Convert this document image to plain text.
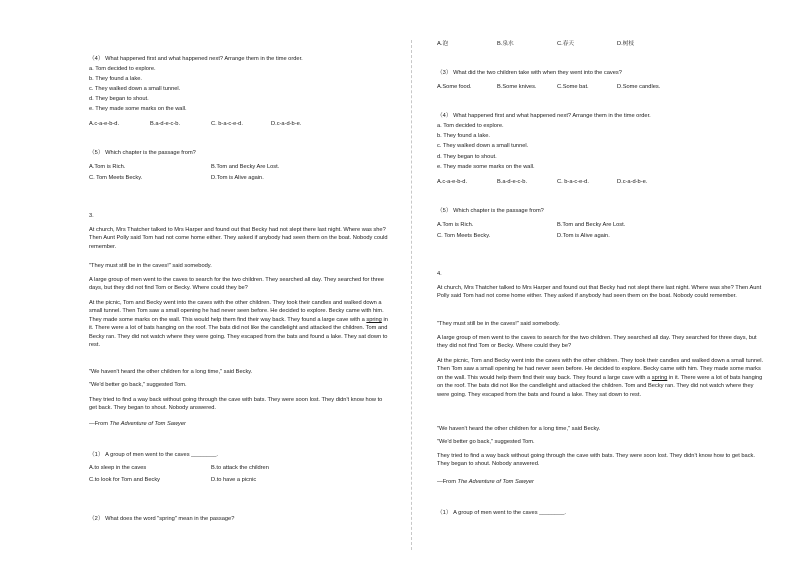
（4） What happened first and what happened next? Arrange them in the time order.
a. Tom decided to explore.
b. They found a lake.
c. They walked down a small tunnel.
d. They began to shout.
e. They made some marks on the wall.
A.c-a-e-b-d.	B.a-d-e-c-b.	C. b-a-c-e-d.	D.c-a-d-b-e.
（5） Which chapter is the passage from?
A.Tom is Rich.	B.Tom and Becky Are Lost.
C. Tom Meets Becky.	D.Tom is Alive again.
3.
At church, Mrs Thatcher talked to Mrs Harper and found out that Becky had not slept there last night. Where was she? Then Aunt Polly said Tom had not come home either. They asked if anybody had seen them on the boat. Nobody could remember.
"They must still be in the caves!" said somebody.
A large group of men went to the caves to search for the two children. They searched all day. They searched for three days, but they did not find Tom or Becky. Where could they be?
At the picnic, Tom and Becky went into the caves with the other children. They took their candles and walked down a small tunnel. Then Tom saw a small opening he had never seen before. He decided to explore. Becky came with him. They made some marks on the wall. This would help them find their way back. They found a large cave with a spring in it. There were a lot of bats hanging on the roof. The bats did not like the candlelight and attacked the children. Tom and Becky ran. They did not watch where they were going. They escaped from the bats and found a lake. They sat down to rest.
"We haven't heard the other children for a long time," said Becky.
"We'd better go back," suggested Tom.
They tried to find a way back without going through the cave with bats. They were soon lost. They didn't know how to get back. They began to shout. Nobody answered.
—From The Adventure of Tom Sawyer
（1） A group of men went to the caves ________.
A.to sleep in the caves	B.to attack the children
C.to look for Tom and Becky	D.to have a picnic
（2） What does the word "spring" mean in the passage?
A.泡	B.泉水	C.春天	D.树枝
（3） What did the two children take with when they went into the caves?
A.Some food.	B.Some knives.	C.Some bat.	D.Some candles.
（4） What happened first and what happened next? Arrange them in the time order.
a. Tom decided to explore.
b. They found a lake.
c. They walked down a small tunnel.
d. They began to shout.
e. They made some marks on the wall.
A.c-a-e-b-d.	B.a-d-e-c-b.	C. b-a-c-e-d.	D.c-a-d-b-e.
（5） Which chapter is the passage from?
A.Tom is Rich.	B.Tom and Becky Are Lost.
C. Tom Meets Becky.	D.Tom is Alive again.
4.
At church, Mrs Thatcher talked to Mrs Harper and found out that Becky had not slept there last night. Where was she? Then Aunt Polly said Tom had not come home either. They asked if anybody had seen them on the boat. Nobody could remember.
"They must still be in the caves!" said somebody.
A large group of men went to the caves to search for the two children. They searched all day. They searched for three days, but they did not find Tom or Becky. Where could they be?
At the picnic, Tom and Becky went into the caves with the other children. They took their candles and walked down a small tunnel. Then Tom saw a small opening he had never seen before. He decided to explore. Becky came with him. They made some marks on the wall. This would help them find their way back. They found a large cave with a spring in it. There were a lot of bats hanging on the roof. The bats did not like the candlelight and attacked the children. Tom and Becky ran. They did not watch where they were going. They escaped from the bats and found a lake. They sat down to rest.
"We haven't heard the other children for a long time," said Becky.
"We'd better go back," suggested Tom.
They tried to find a way back without going through the cave with bats. They were soon lost. They didn't know how to get back. They began to shout. Nobody answered.
—From The Adventure of Tom Sawyer
（1） A group of men went to the caves ________.
